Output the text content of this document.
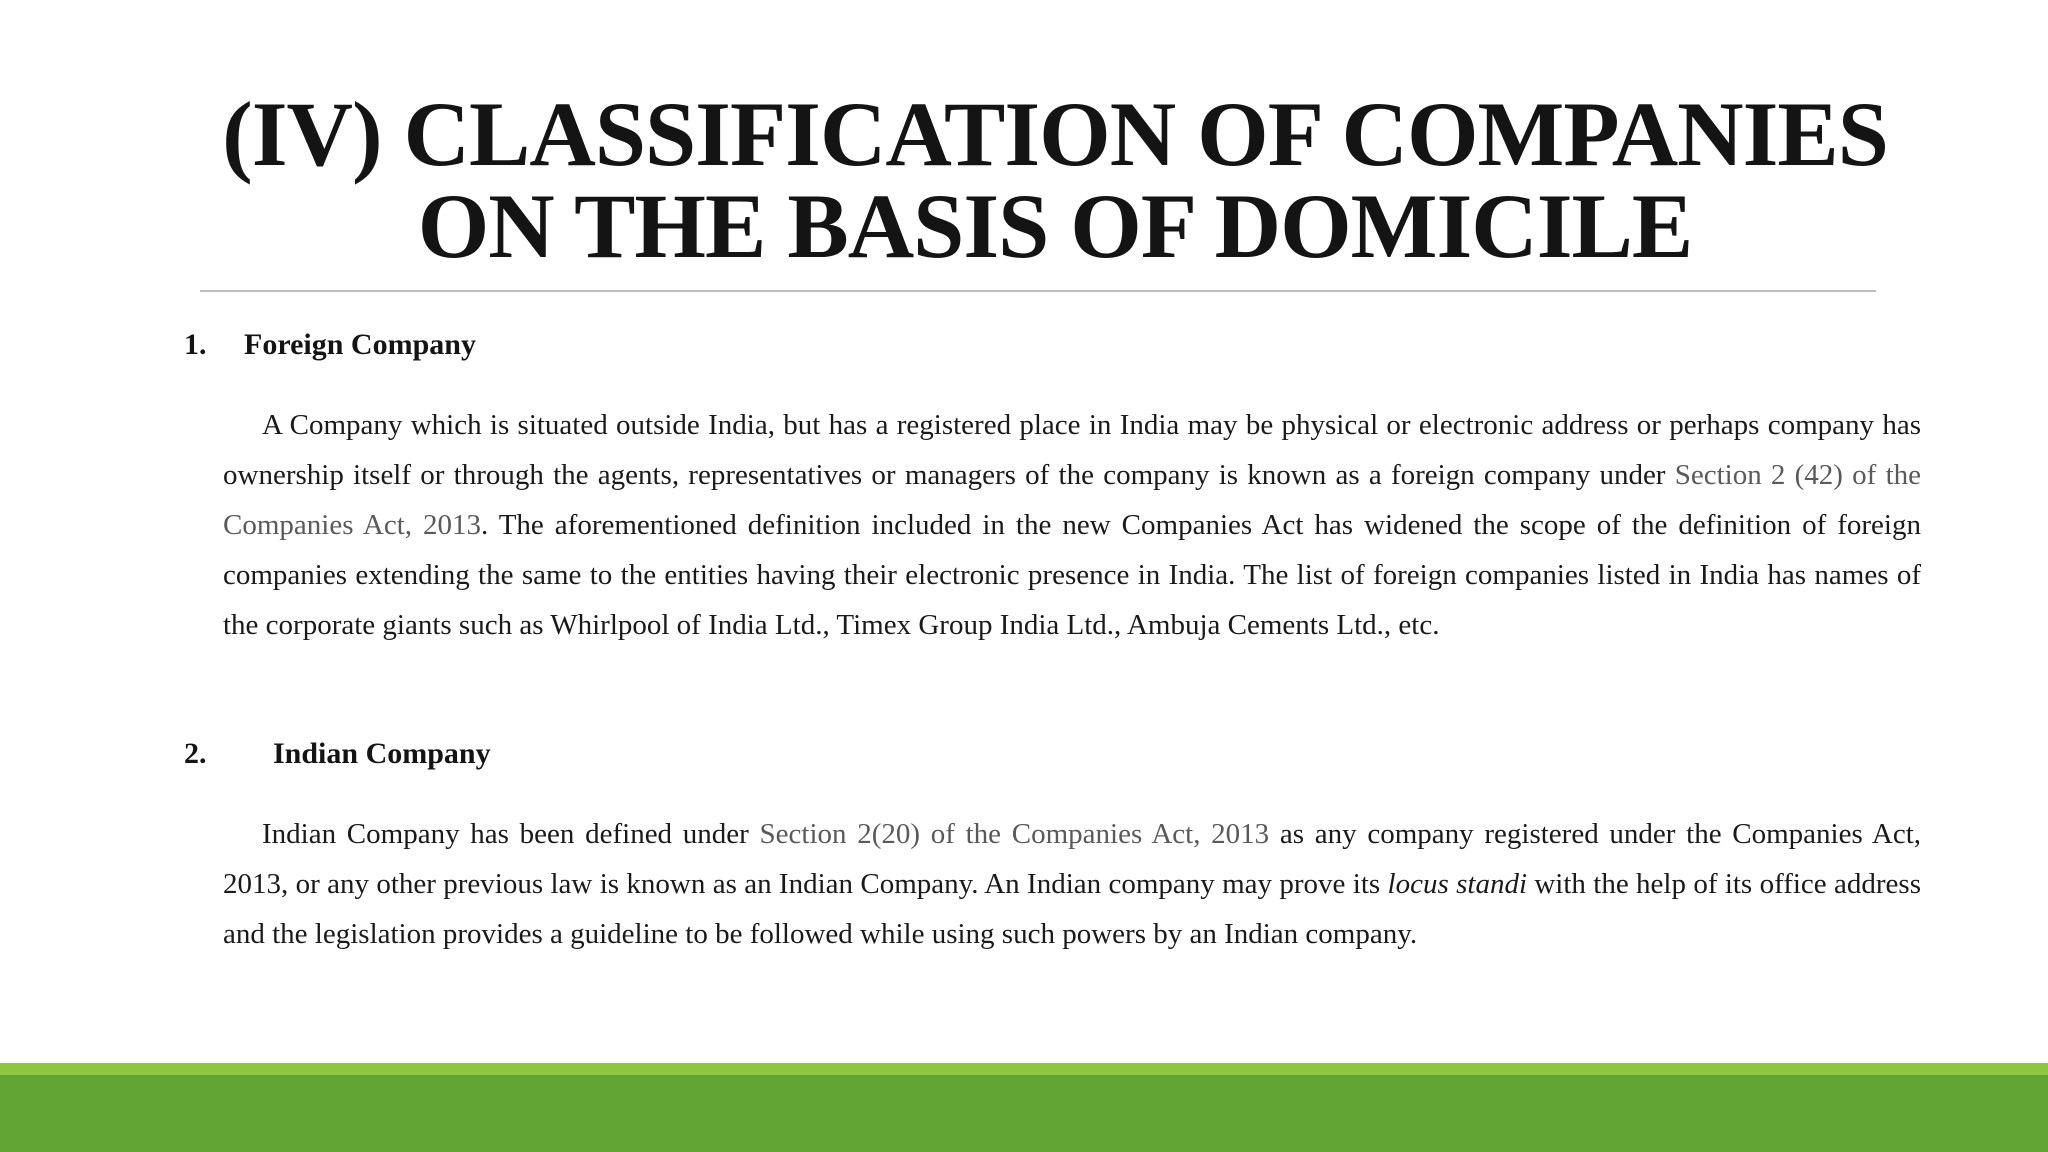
(IV) CLASSIFICATION OF COMPANIES
ON THE BASIS OF DOMICILE
1. Foreign Company

A Company which is situated outside India, but has a registered place in India may be physical or electronic address or perhaps company has ownership itself or through the agents, representatives or managers of the company is known as a foreign company under Section 2 (42) of the Companies Act, 2013. The aforementioned definition included in the new Companies Act has widened the scope of the definition of foreign companies extending the same to the entities having their electronic presence in India. The list of foreign companies listed in India has names of the corporate giants such as Whirlpool of India Ltd., Timex Group India Ltd., Ambuja Cements Ltd., etc.

2. Indian Company

Indian Company has been defined under Section 2(20) of the Companies Act, 2013 as any company registered under the Companies Act, 2013, or any other previous law is known as an Indian Company. An Indian company may prove its locus standi with the help of its office address and the legislation provides a guideline to be followed while using such powers by an Indian company.
